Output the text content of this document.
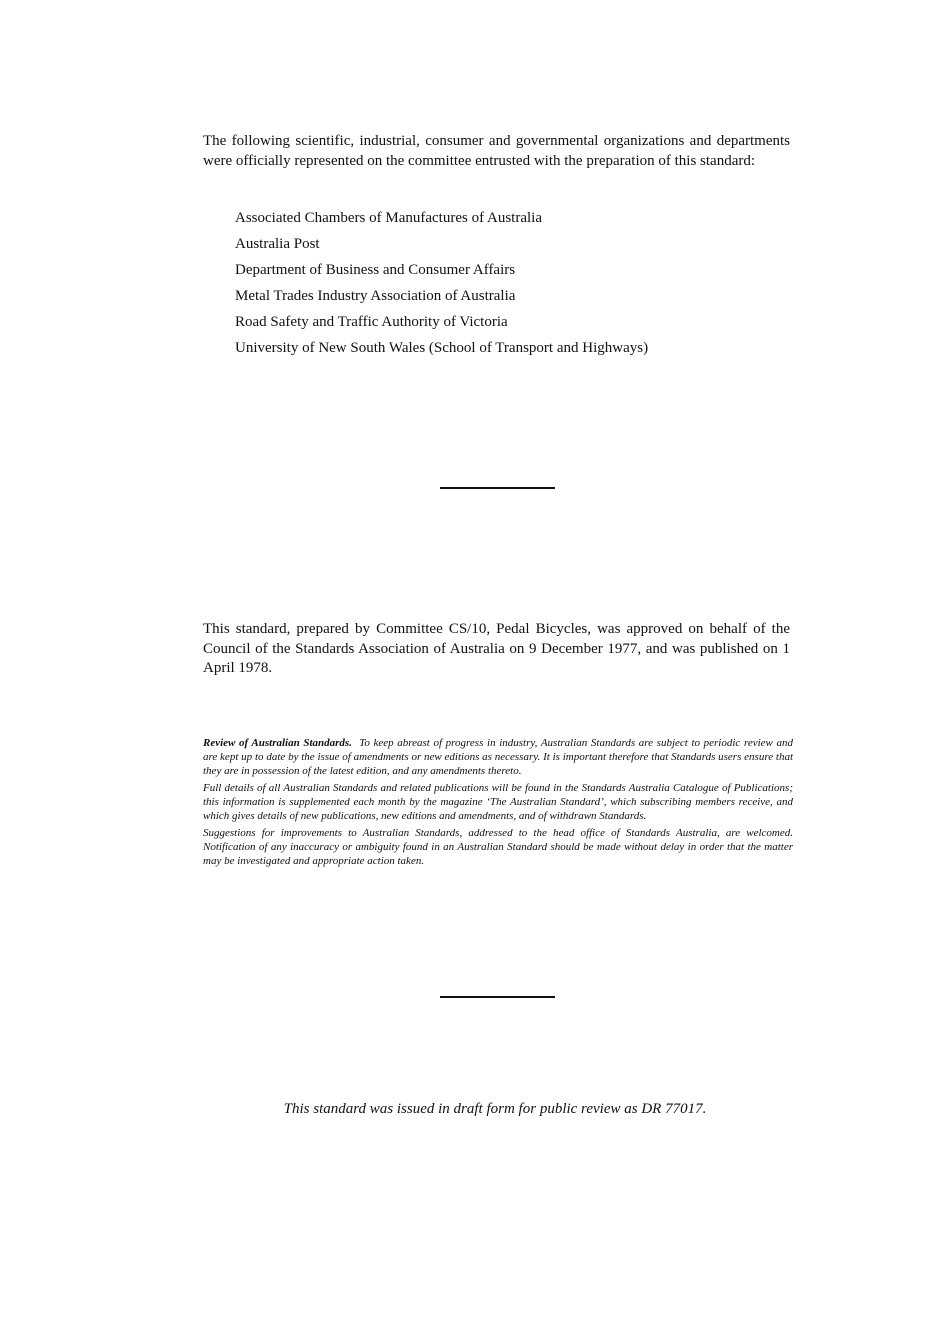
The following scientific, industrial, consumer and governmental organizations and departments were officially represented on the committee entrusted with the preparation of this standard:

Associated Chambers of Manufactures of Australia
Australia Post
Department of Business and Consumer Affairs
Metal Trades Industry Association of Australia
Road Safety and Traffic Authority of Victoria
University of New South Wales (School of Transport and Highways)

This standard, prepared by Committee CS/10, Pedal Bicycles, was approved on behalf of the Council of the Standards Association of Australia on 9 December 1977, and was published on 1 April 1978.

Review of Australian Standards. To keep abreast of progress in industry, Australian Standards are subject to periodic review and are kept up to date by the issue of amendments or new editions as necessary. It is important therefore that Standards users ensure that they are in possession of the latest edition, and any amendments thereto.

Full details of all Australian Standards and related publications will be found in the Standards Australia Catalogue of Publications; this information is supplemented each month by the magazine ‘The Australian Standard’, which subscribing members receive, and which gives details of new publications, new editions and amendments, and of withdrawn Standards.

Suggestions for improvements to Australian Standards, addressed to the head office of Standards Australia, are welcomed. Notification of any inaccuracy or ambiguity found in an Australian Standard should be made without delay in order that the matter may be investigated and appropriate action taken.

This standard was issued in draft form for public review as DR 77017.
